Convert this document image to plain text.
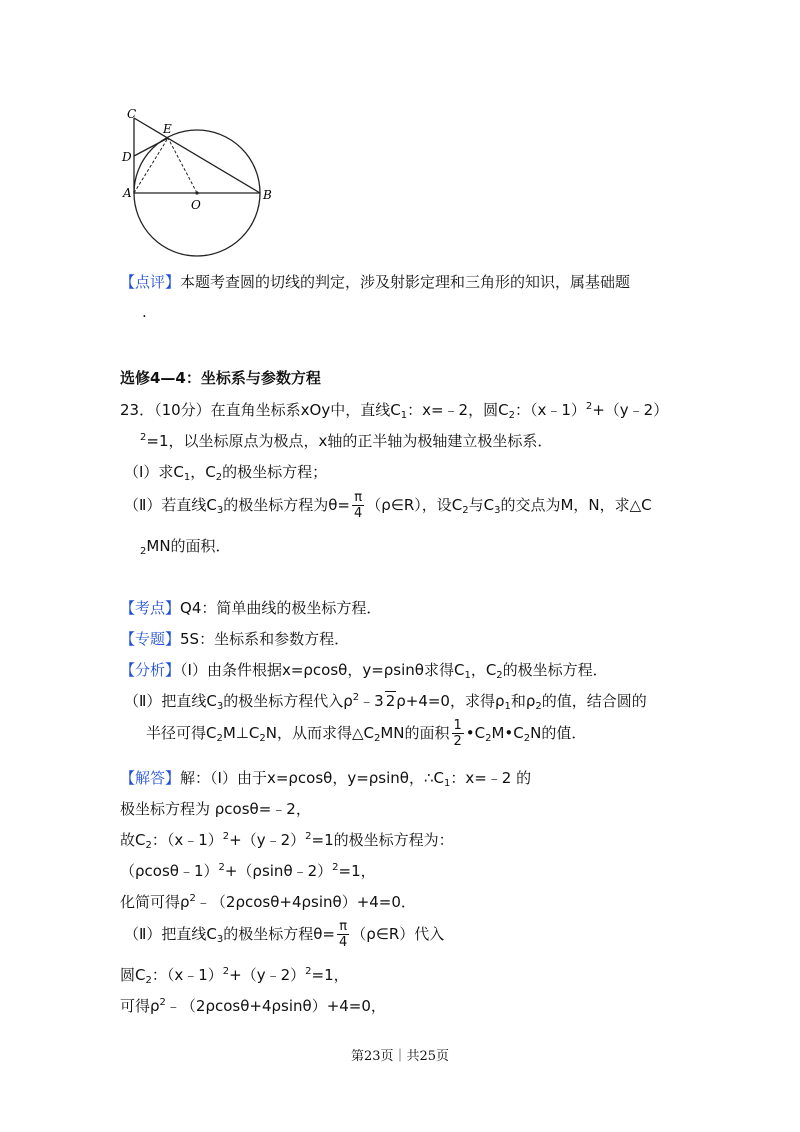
C
E
D
A
O
B
【点评】本题考查圆的切线的判定，涉及射影定理和三角形的知识，属基础题
.
选修4—4：坐标系与参数方程
23．（10分）在直角坐标系xOy中，直线$C_1$：x=﹣2，圆$C_2$：（x﹣1）$^2$+（y﹣2）
$^2$=1，以坐标原点为极点，x轴的正半轴为极轴建立极坐标系．
（Ⅰ）求$C_1$，$C_2$的极坐标方程；
（Ⅱ）若直线$C_3$的极坐标方程为$\theta= \frac{\pi}{4}$ （ρ∈R），设$C_2$与$C_3$的交点为M，N，求△C
$_2$MN的面积．
【考点】Q4：简单曲线的极坐标方程．
【专题】5S：坐标系和参数方程．
【分析】（Ⅰ）由条件根据x=ρcosθ，y=ρsinθ求得$C_1$，$C_2$的极坐标方程．
（Ⅱ）把直线$C_3$的极坐标方程代入$\rho^2﹣3$ 2ρ+4=0，求得$\rho_1$和$\rho_2$的值，结合圆的
半径可得$C_2M\perp C_2N$，从而求得$\triangle C_2MN$的面积 $\frac{1}{2}$ $•C_2M•C_2N$的值．
【解答】解：（Ⅰ）由于x=ρcosθ，y=ρsinθ，$\therefore C_1$：x=﹣2 的
极坐标方程为 ρcosθ=﹣2，
故$C_2$：（x﹣1）$^2$+（y﹣2）$^2$=1的极坐标方程为：
（ρcosθ﹣1）$^2$+（ρsinθ﹣2）$^2$=1，
化简可得$\rho^2﹣(2\rho\cos\theta+4\rho\sin\theta)+4=0$．
（Ⅱ）把直线$C_3$的极坐标方程$\theta= \frac{\pi}{4}$ （ρ∈R）代入
圆$C_2$：（x﹣1）$^2$+（y﹣2）$^2$=1，
可得$\rho^2﹣(2\rho\cos\theta+4\rho\sin\theta)+4=0$，
第23页｜共25页
